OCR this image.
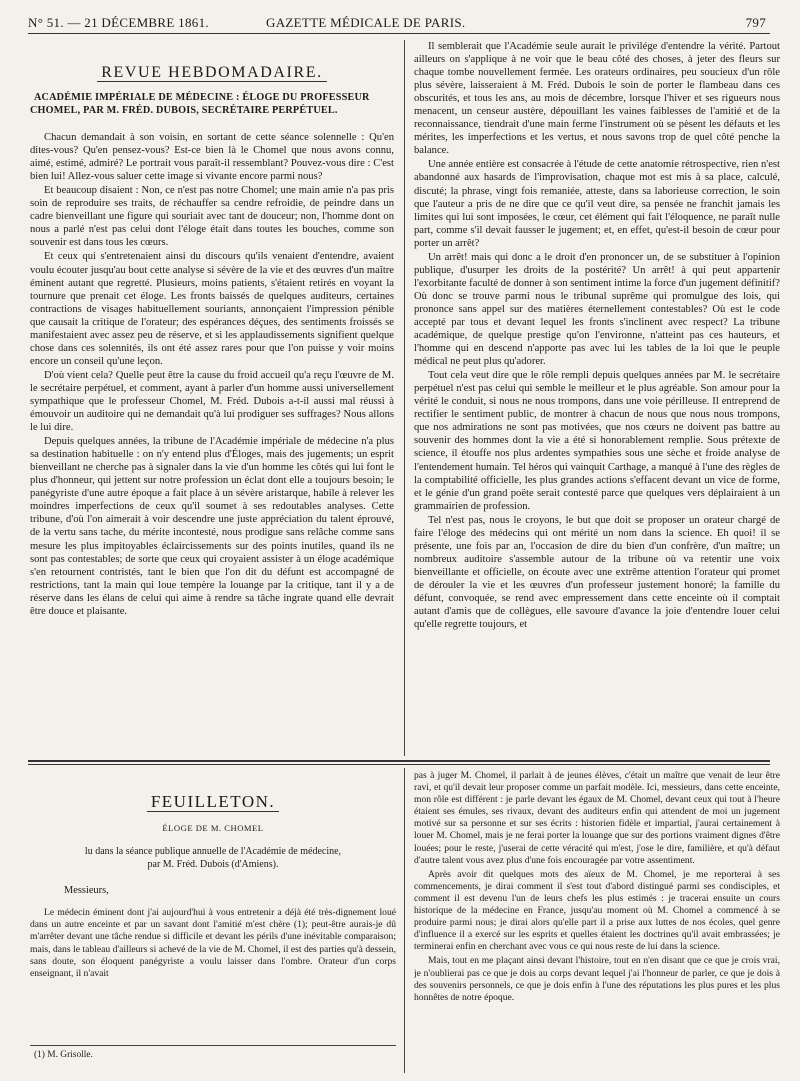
N° 51. — 21 DÉCEMBRE 1861.	GAZETTE MÉDICALE DE PARIS.	797
REVUE HEBDOMADAIRE.
ACADÉMIE IMPÉRIALE DE MÉDECINE : ÉLOGE DU PROFESSEUR CHOMEL, PAR M. FRÉD. DUBOIS, SECRÉTAIRE PERPÉTUEL.

Chacun demandait à son voisin, en sortant de cette séance solennelle : Qu'en dites-vous? Qu'en pensez-vous? Est-ce bien là le Chomel que nous avons connu, aimé, estimé, admiré? Le portrait vous paraît-il ressemblant? Pouvez-vous dire : C'est bien lui! Allez-vous saluer cette image si vivante encore parmi nous?

Et beaucoup disaient : Non, ce n'est pas notre Chomel; une main amie n'a pas pris soin de reproduire ses traits, de réchauffer sa cendre refroidie, de peindre dans un cadre bienveillant une figure qui souriait avec tant de douceur; non, l'homme dont on nous a parlé n'est pas celui dont l'éloge était dans toutes les bouches, comme son souvenir est dans tous les cœurs.

Et ceux qui s'entretenaient ainsi du discours qu'ils venaient d'entendre, avaient voulu écouter jusqu'au bout cette analyse si sévère de la vie et des œuvres d'un maître éminent autant que regretté. Plusieurs, moins patients, s'étaient retirés en voyant la tournure que prenait cet éloge. Les fronts baissés de quelques auditeurs, certaines contractions de visages habituellement souriants, annonçaient l'impression pénible que causait la critique de l'orateur; des espérances déçues, des sentiments froissés se manifestaient avec assez peu de réserve, et si les applaudissements signifient quelque chose dans ces solennités, ils ont été assez rares pour que l'on puisse y voir moins encore un conseil qu'une leçon.

D'où vient cela? Quelle peut être la cause du froid accueil qu'a reçu l'œuvre de M. le secrétaire perpétuel, et comment, ayant à parler d'un homme aussi universellement sympathique que le professeur Chomel, M. Fréd. Dubois a-t-il aussi mal réussi à émouvoir un auditoire qui ne demandait qu'à lui prodiguer ses suffrages? Nous allons le lui dire.

Depuis quelques années, la tribune de l'Académie impériale de médecine n'a plus sa destination habituelle : on n'y entend plus d'Éloges, mais des jugements; un esprit bienveillant ne cherche pas à signaler dans la vie d'un homme les côtés qui lui font le plus d'honneur, qui jettent sur notre profession un éclat dont elle a toujours besoin; le panégyriste d'une autre époque a fait place à un sévère aristarque, habile à relever les moindres imperfections de ceux qu'il soumet à ses redoutables analyses. Cette tribune, d'où l'on aimerait à voir descendre une juste appréciation du talent éprouvé, de la vertu sans tache, du mérite incontesté, nous prodigue sans relâche comme sans mesure les plus impitoyables éclaircissements sur des points inutiles, quand ils ne sont pas contestables; de sorte que ceux qui croyaient assister à un éloge académique s'en retournent contristés, tant le bien que l'on dit du défunt est accompagné de restrictions, tant la main qui loue tempère la louange par la critique, tant il y a de réserve dans les élans de celui qui aime à rendre sa tâche ingrate quand elle devrait être douce et plaisante.

Il semblerait que l'Académie seule aurait le privilége d'entendre la vérité. Partout ailleurs on s'applique à ne voir que le beau côté des choses, à jeter des fleurs sur chaque tombe nouvellement fermée. Les orateurs ordinaires, peu soucieux d'un rôle plus sévère, laisseraient à M. Fréd. Dubois le soin de porter le flambeau dans ces obscurités, et tous les ans, au mois de décembre, lorsque l'hiver et ses rigueurs nous menacent, un censeur austère, dépouillant les vaines faiblesses de l'amitié et de la reconnaissance, tiendrait d'une main ferme l'instrument où se pèsent les défauts et les mérites, les imperfections et les vertus, et nous savons trop de quel côté penche la balance.

Une année entière est consacrée à l'étude de cette anatomie rétrospective, rien n'est abandonné aux hasards de l'improvisation, chaque mot est mis à sa place, calculé, discuté; la phrase, vingt fois remaniée, atteste, dans sa laborieuse correction, le soin que l'auteur a pris de ne dire que ce qu'il veut dire, sa pensée ne franchit jamais les limites qui lui sont imposées, le cœur, cet élément qui fait l'éloquence, ne paraît nulle part, comme s'il devait fausser le jugement; et, en effet, qu'est-il besoin de cœur pour porter un arrêt?

Un arrêt! mais qui donc a le droit d'en prononcer un, de se substituer à l'opinion publique, d'usurper les droits de la postérité? Un arrêt! à qui peut appartenir l'exorbitante faculté de donner à son sentiment intime la force d'un jugement définitif? Où donc se trouve parmi nous le tribunal suprême qui promulgue des lois, qui prononce sans appel sur des matières éternellement contestables? Où est le code accepté par tous et devant lequel les fronts s'inclinent avec respect? La tribune académique, de quelque prestige qu'on l'environne, n'atteint pas ces hauteurs, et l'homme qui en descend n'apporte pas avec lui les tables de la loi que le peuple médical ne peut plus qu'adorer.

Tout cela veut dire que le rôle rempli depuis quelques années par M. le secrétaire perpétuel n'est pas celui qui semble le meilleur et le plus agréable. Son amour pour la vérité le conduit, si nous ne nous trompons, dans une voie périlleuse. Il entreprend de rectifier le sentiment public, de montrer à chacun de nous que nous nous trompons, que nos admirations ne sont pas motivées, que nos cœurs ne doivent pas battre au souvenir des hommes dont la vie a été si honorablement remplie. Sous prétexte de science, il étouffe nos plus ardentes sympathies sous une sèche et froide analyse de l'entendement humain. Tel héros qui vainquit Carthage, a manqué à l'une des règles de la comptabilité officielle, les plus grandes actions s'effacent devant un vice de forme, et le génie d'un grand poëte serait contesté parce que quelques vers déplairaient à un grammairien de profession.

Tel n'est pas, nous le croyons, le but que doit se proposer un orateur chargé de faire l'éloge des médecins qui ont mérité un nom dans la science. Eh quoi! il se présente, une fois par an, l'occasion de dire du bien d'un confrère, d'un maître; un nombreux auditoire s'assemble autour de la tribune où va retentir une voix bienveillante et officielle, on écoute avec une extrême attention l'orateur qui promet de dérouler la vie et les œuvres d'un professeur justement honoré; la famille du défunt, convoquée, se rend avec empressement dans cette enceinte où il comptait autant d'amis que de collègues, elle savoure d'avance la joie d'entendre louer celui qu'elle regrette toujours, et

FEUILLETON.
ÉLOGE DE M. CHOMEL
lu dans la séance publique annuelle de l'Académie de médecine,
par M. Fréd. Dubois (d'Amiens).
Messieurs,

Le médecin éminent dont j'ai aujourd'hui à vous entretenir a déjà été très-dignement loué dans un autre enceinte et par un savant dont l'amitié m'est chère (1); peut-être aurais-je dû m'arrêter devant une tâche rendue si difficile et devant les périls d'une inévitable comparaison; mais, dans le tableau d'ailleurs si achevé de la vie de M. Chomel, il est des parties qu'à dessein, sans doute, son éloquent panégyriste a voulu laisser dans l'ombre. Orateur d'un corps enseignant, il n'avait

pas à juger M. Chomel, il parlait à de jeunes élèves, c'était un maître que venait de leur être ravi, et qu'il devait leur proposer comme un parfait modèle. Ici, messieurs, dans cette enceinte, mon rôle est différent : je parle devant les égaux de M. Chomel, devant ceux qui tout à l'heure étaient ses émules, ses rivaux, devant des auditeurs enfin qui attendent de moi un jugement motivé sur sa personne et sur ses écrits : historien fidèle et impartial, j'aurai certainement à louer M. Chomel, mais je ne ferai porter la louange que sur des portions vraiment dignes d'être louées; pour le reste, j'userai de cette véracité qui m'est, j'ose le dire, familière, et qu'à défaut d'autre talent vous avez plus d'une fois encouragée par votre assentiment.

Après avoir dit quelques mots des aïeux de M. Chomel, je me reporterai à ses commencements, je dirai comment il s'est tout d'abord distingué parmi ses condisciples, et comment il est devenu l'un de leurs chefs les plus estimés : je tracerai ensuite un cours historique de la médecine en France, jusqu'au moment où M. Chomel a commencé à se produire parmi nous; je dirai alors qu'elle part il a prise aux luttes de nos écoles, quel genre d'influence il a exercé sur les esprits et quelles étaient les doctrines qu'il avait embrassées; je terminerai enfin en cherchant avec vous ce qui nous reste de lui dans la science.

Mais, tout en me plaçant ainsi devant l'histoire, tout en n'en disant que ce que je crois vrai, je n'oublierai pas ce que je dois au corps devant lequel j'ai l'honneur de parler, ce que je dois à des souvenirs personnels, ce que je dois enfin à l'une des réputations les plus pures et les plus honnêtes de notre époque.

(1) M. Grisolle.
